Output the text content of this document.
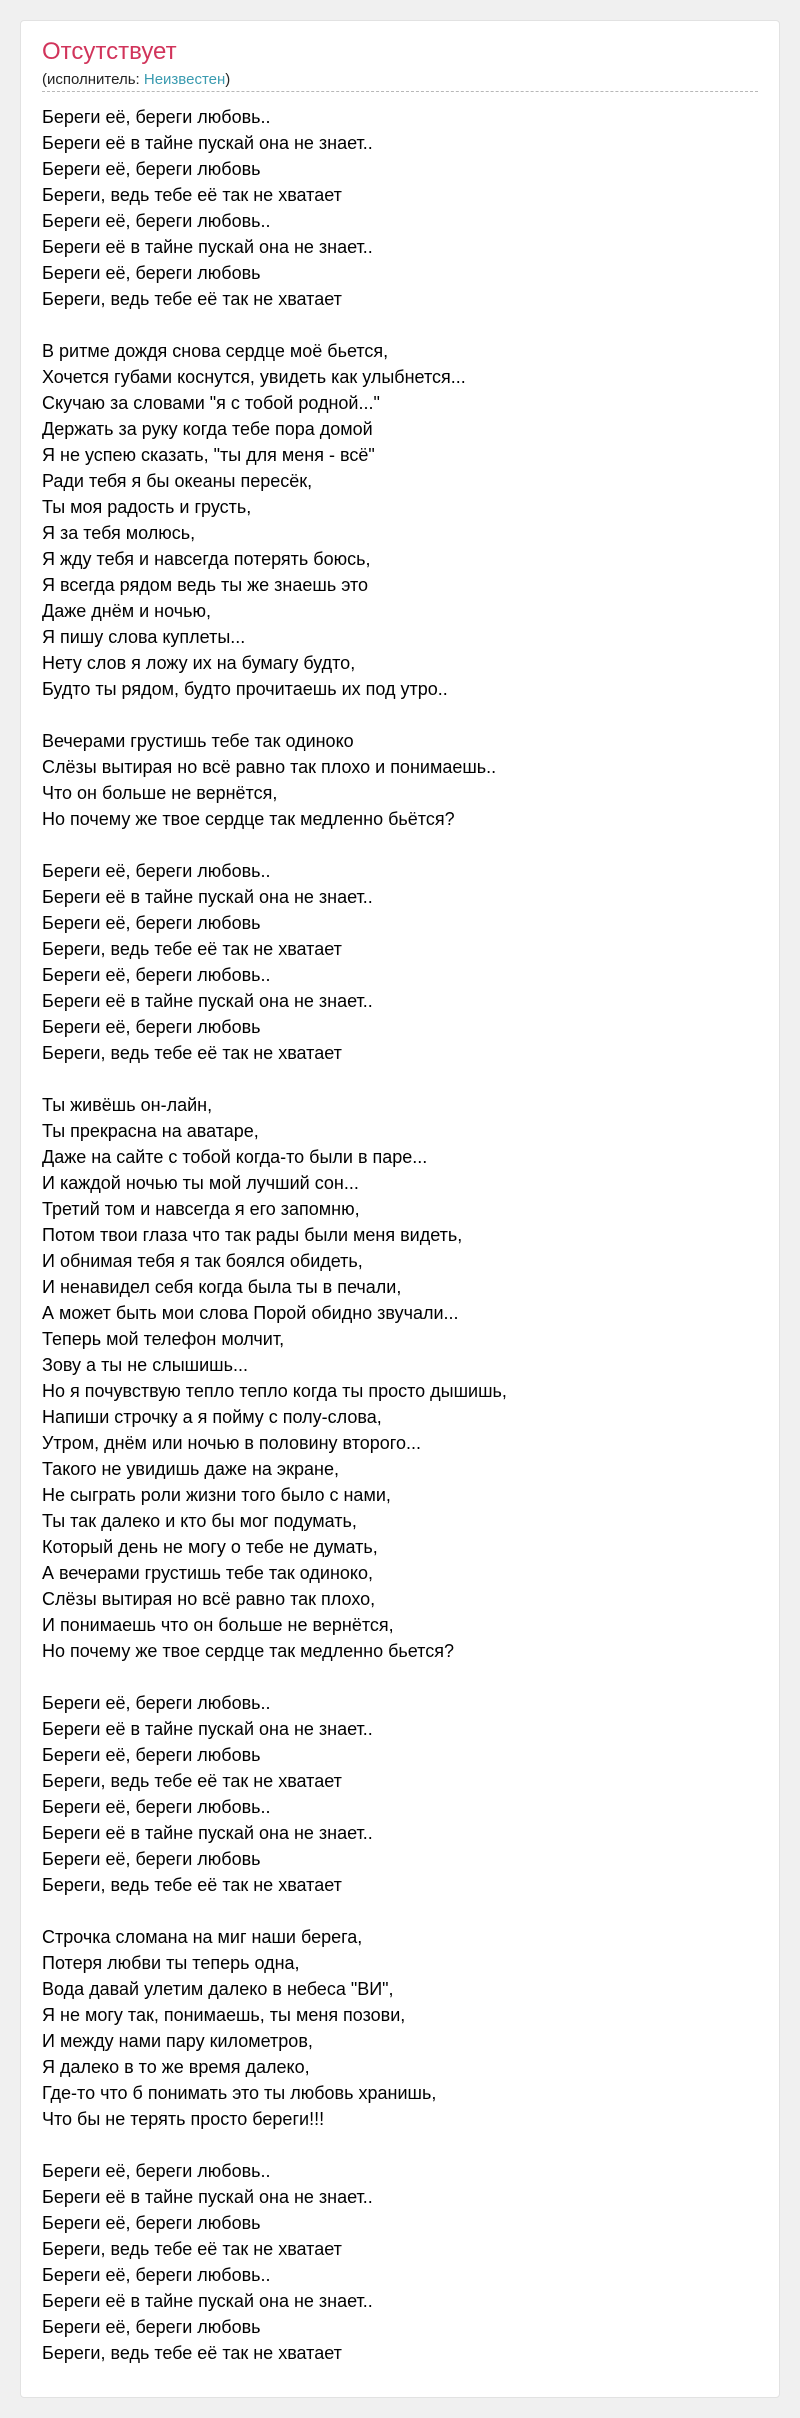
Отсутствует
(исполнитель: Неизвестен)
Береги её, береги любовь..
Береги её в тайне пускай она не знает..
Береги её, береги любовь
Береги, ведь тебе её так не хватает
Береги её, береги любовь..
Береги её в тайне пускай она не знает..
Береги её, береги любовь
Береги, ведь тебе её так не хватает
В ритме дождя снова сердце моё бьется,
Хочется губами коснутся, увидеть как улыбнется...
Скучаю за словами "я с тобой родной..."
Держать за руку когда тебе пора домой
Я не успею сказать, "ты для меня - всё"
Ради тебя я бы океаны пересёк,
Ты моя радость и грусть,
Я за тебя молюсь,
Я жду тебя и навсегда потерять боюсь,
Я всегда рядом ведь ты же знаешь это
Даже днём и ночью,
Я пишу слова куплеты...
Нету слов я ложу их на бумагу будто,
Будто ты рядом, будто прочитаешь их под утро..
Вечерами грустишь тебе так одиноко
Слёзы вытирая но всё равно так плохо и понимаешь..
Что он больше не вернётся,
Но почему же твое сердце так медленно бьётся?
Береги её, береги любовь..
Береги её в тайне пускай она не знает..
Береги её, береги любовь
Береги, ведь тебе её так не хватает
Береги её, береги любовь..
Береги её в тайне пускай она не знает..
Береги её, береги любовь
Береги, ведь тебе её так не хватает
Ты живёшь он-лайн,
Ты прекрасна на аватаре,
Даже на сайте с тобой когда-то были в паре...
И каждой ночью ты мой лучший сон...
Третий том и навсегда я его запомню,
Потом твои глаза что так рады были меня видеть,
И обнимая тебя я так боялся обидеть,
И ненавидел себя когда была ты в печали,
А может быть мои слова Порой обидно звучали...
Теперь мой телефон молчит,
Зову а ты не слышишь...
Но я почувствую тепло тепло когда ты просто дышишь,
Напиши строчку а я пойму с полу-слова,
Утром, днём или ночью в половину второго...
Такого не увидишь даже на экране,
Не сыграть роли жизни того было с нами,
Ты так далеко и кто бы мог подумать,
Который день не могу о тебе не думать,
А вечерами грустишь тебе так одиноко,
Слёзы вытирая но всё равно так плохо,
И понимаешь что он больше не вернётся,
Но почему же твое сердце так медленно бьется?
Береги её, береги любовь..
Береги её в тайне пускай она не знает..
Береги её, береги любовь
Береги, ведь тебе её так не хватает
Береги её, береги любовь..
Береги её в тайне пускай она не знает..
Береги её, береги любовь
Береги, ведь тебе её так не хватает
Строчка сломана на миг наши берега,
Потеря любви ты теперь одна,
Вода давай улетим далеко в небеса "ВИ",
Я не могу так, понимаешь, ты меня позови,
И между нами пару километров,
Я далеко в то же время далеко,
Где-то что б понимать это ты любовь хранишь,
Что бы не терять просто береги!!!
Береги её, береги любовь..
Береги её в тайне пускай она не знает..
Береги её, береги любовь
Береги, ведь тебе её так не хватает
Береги её, береги любовь..
Береги её в тайне пускай она не знает..
Береги её, береги любовь
Береги, ведь тебе её так не хватает
